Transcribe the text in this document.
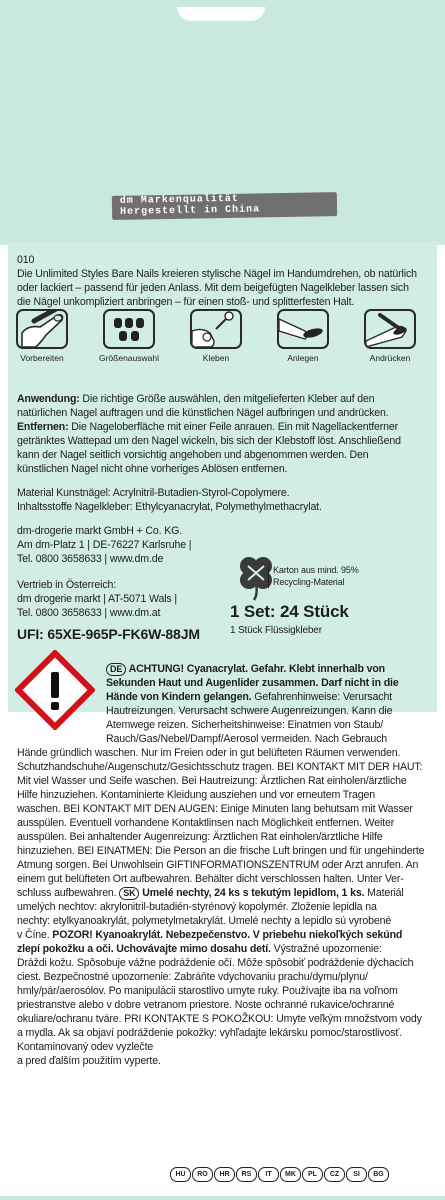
dm Markenqualität
Hergestellt in China
010
Die Unlimited Styles Bare Nails kreieren stylische Nägel im Handumdrehen, ob natürlich
oder lackiert – passend für jeden Anlass. Mit dem beigefügten Nagelkleber lassen sich
die Nägel unkompliziert anbringen – für einen stoß- und splitterfesten Halt.
Vorbereiten	Größenauswahl	Kleben	Anlegen	Andrücken
Anwendung: Die richtige Größe auswählen, den mitgelieferten Kleber auf den
natürlichen Nagel auftragen und die künstlichen Nägel aufbringen und andrücken.
Entfernen: Die Nageloberfläche mit einer Feile anrauen. Ein mit Nagellackentferner
getränktes Wattepad um den Nagel wickeln, bis sich der Klebstoff löst. Anschließend
kann der Nagel seitlich vorsichtig angehoben und abgenommen werden. Den
künstlichen Nagel nicht ohne vorheriges Ablösen entfernen.
Material Kunstnägel: Acrylnitril-Butadien-Styrol-Copolymere.
Inhaltsstoffe Nagelkleber: Ethylcyanacrylat, Polymethylmethacrylat.
dm-drogerie markt GmbH + Co. KG.
Am dm-Platz 1 | DE-76227 Karlsruhe |
Tel. 0800 3658633 | www.dm.de
Karton aus mind. 95%
Recycling-Material
Vertrieb in Österreich:
dm drogerie markt | AT-5071 Wals |
Tel. 0800 3658633 | www.dm.at	1 Set: 24 Stück
1 Stück Flüssigkleber
UFI: 65XE-965P-FK6W-88JM
DE ACHTUNG! Cyanacrylat. Gefahr. Klebt innerhalb von
Sekunden Haut und Augenlider zusammen. Darf nicht in die
Hände von Kindern gelangen. Gefahrenhinweise: Verursacht
Hautreizungen. Verursacht schwere Augenreizungen. Kann die
Atemwege reizen. Sicherheitshinweise: Einatmen von Staub/
Rauch/Gas/Nebel/Dampf/Aerosol vermeiden. Nach Gebrauch
Hände gründlich waschen. Nur im Freien oder in gut belüfteten Räumen verwenden.
Schutzhandschuhe/Augenschutz/Gesichtsschutz tragen. BEI KONTAKT MIT DER HAUT:
Mit viel Wasser und Seife waschen. Bei Hautreizung: Ärztlichen Rat einholen/ärztliche
Hilfe hinzuziehen. Kontaminierte Kleidung ausziehen und vor erneutem Tragen
waschen. BEI KONTAKT MIT DEN AUGEN: Einige Minuten lang behutsam mit Wasser
ausspülen. Eventuell vorhandene Kontaktlinsen nach Möglichkeit entfernen. Weiter
ausspülen. Bei anhaltender Augenreizung: Ärztlichen Rat einholen/ärztliche Hilfe
hinzuziehen. BEI EINATMEN: Die Person an die frische Luft bringen und für ungehinderte
Atmung sorgen. Bei Unwohlsein GIFTINFORMATIONSZENTRUM oder Arzt anrufen. An
einem gut belüfteten Ort aufbewahren. Behälter dicht verschlossen halten. Unter Ver-
schluss aufbewahren. SK Umelé nechty, 24 ks s tekutým lepidlom, 1 ks. Materiál
umelých nechtov: akrylonitril-butadién-styrénový kopolymér. Zloženie lepidla na
nechty: etylkyanoakrylát, polymetylmetakrylát. Umelé nechty a lepidlo sú vyrobené
v Číne. POZOR! Kyanoakrylát. Nebezpečenstvo. V priebehu niekoľkých sekúnd
zlepí pokožku a oči. Uchovávajte mimo dosahu detí. Výstražné upozornenie:
Dráždi kožu. Spôsobuje vážne podráždenie očí. Môže spôsobiť podráždenie dýchacích
ciest. Bezpečnostné upozornenie: Zabráňte vdychovaniu prachu/dymu/plynu/
hmly/pár/aerosólov. Po manipulácii starostlivo umyte ruky. Používajte iba na voľnom
priestranstve alebo v dobre vetranom priestore. Noste ochranné rukavice/ochranné
okuliare/ochranu tváre. PRI KONTAKTE S POKOŽKOU: Umyte veľkým množstvom vody
a mydla. Ak sa objaví podráždenie pokožky: vyhľadajte lekársku pomoc/starostlivosť.
Kontaminovaný odev vyzlečte
a pred ďalším použitím vyperte.
HU	RO	HR	RS	IT	MK	PL	CZ	SI	BG
